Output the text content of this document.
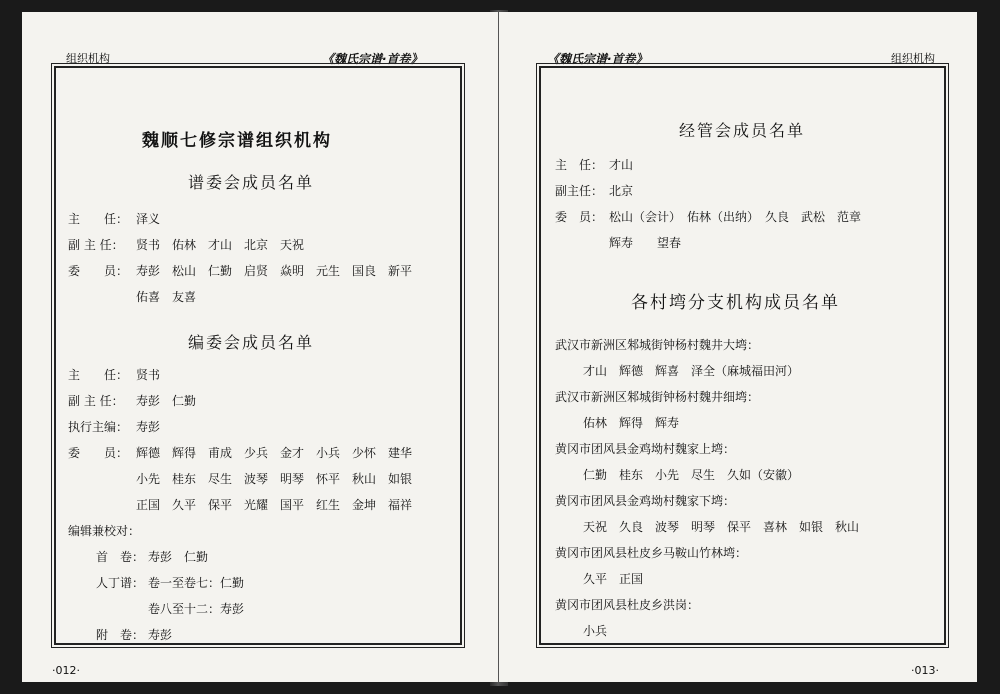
组织机构	《魏氏宗谱·首卷》
魏顺七修宗谱组织机构
谱委会成员名单
主　　任： 泽义
副 主 任： 贤书　佑林　才山　北京　天祝
委　　员： 寿彭　松山　仁勤　启贤　焱明　元生　国良　新平
佑喜　友喜
编委会成员名单
主　　任： 贤书
副 主 任： 寿彭　仁勤
执行主编： 寿彭
委　　员： 辉德　辉得　甫成　少兵　金才　小兵　少怀　建华
小先　桂东　尽生　波琴　明琴　怀平　秋山　如银
正国　久平　保平　光耀　国平　红生　金坤　福祥
编辑兼校对：
首　卷： 寿彭　仁勤
人丁谱： 卷一至卷七：仁勤
卷八至十二：寿彭
附　卷： 寿彭
·012·
《魏氏宗谱·首卷》	组织机构
经管会成员名单
主　任： 才山
副主任： 北京
委　员： 松山（会计）　佑林（出纳）　久良　武松　范章
辉寿　　望春
各村塆分支机构成员名单
武汉市新洲区邾城街钟杨村魏井大塆：
才山　辉德　辉喜　泽全（麻城福田河）
武汉市新洲区邾城街钟杨村魏井细塆：
佑林　辉得　辉寿
黄冈市团风县金鸡坳村魏家上塆：
仁勤　桂东　小先　尽生　久如（安徽）
黄冈市团风县金鸡坳村魏家下塆：
天祝　久良　波琴　明琴　保平　喜林　如银　秋山
黄冈市团风县杜皮乡马鞍山竹林塆：
久平　正国
黄冈市团风县杜皮乡洪岗：
小兵
·013·
